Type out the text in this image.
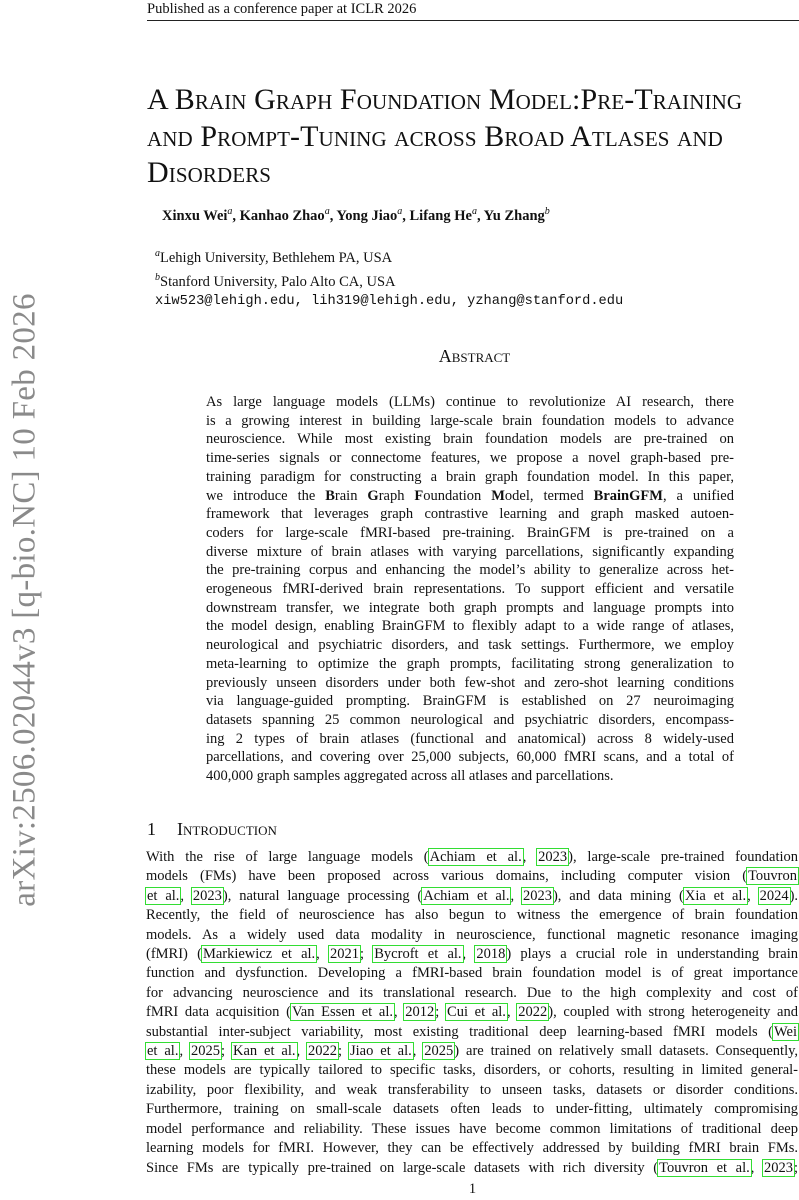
Published as a conference paper at ICLR 2026
arXiv:2506.02044v3 [q-bio.NC] 10 Feb 2026
A Brain Graph Foundation Model:Pre-Training
and Prompt-Tuning across Broad Atlases and
Disorders
Xinxu Wei$^a$, Kanhao Zhao$^a$, Yong Jiao$^a$, Lifang He$^a$, Yu Zhang$^b$
$^a$Lehigh University, Bethlehem PA, USA
$^b$Stanford University, Palo Alto CA, USA
xiw523@lehigh.edu, lih319@lehigh.edu, yzhang@stanford.edu
Abstract
As large language models (LLMs) continue to revolutionize AI research, there
is a growing interest in building large-scale brain foundation models to advance
neuroscience. While most existing brain foundation models are pre-trained on
time-series signals or connectome features, we propose a novel graph-based pre-
training paradigm for constructing a brain graph foundation model. In this paper,
we introduce the Brain Graph Foundation Model, termed BrainGFM, a unified
framework that leverages graph contrastive learning and graph masked autoen-
coders for large-scale fMRI-based pre-training. BrainGFM is pre-trained on a
diverse mixture of brain atlases with varying parcellations, significantly expanding
the pre-training corpus and enhancing the model’s ability to generalize across het-
erogeneous fMRI-derived brain representations. To support efficient and versatile
downstream transfer, we integrate both graph prompts and language prompts into
the model design, enabling BrainGFM to flexibly adapt to a wide range of atlases,
neurological and psychiatric disorders, and task settings. Furthermore, we employ
meta-learning to optimize the graph prompts, facilitating strong generalization to
previously unseen disorders under both few-shot and zero-shot learning conditions
via language-guided prompting. BrainGFM is established on 27 neuroimaging
datasets spanning 25 common neurological and psychiatric disorders, encompass-
ing 2 types of brain atlases (functional and anatomical) across 8 widely-used
parcellations, and covering over 25,000 subjects, 60,000 fMRI scans, and a total of
400,000 graph samples aggregated across all atlases and parcellations.
1 Introduction
With the rise of large language models (Achiam et al., 2023), large-scale pre-trained foundation
models (FMs) have been proposed across various domains, including computer vision (Touvron
et al., 2023), natural language processing (Achiam et al., 2023), and data mining (Xia et al., 2024).
Recently, the field of neuroscience has also begun to witness the emergence of brain foundation
models. As a widely used data modality in neuroscience, functional magnetic resonance imaging
(fMRI) (Markiewicz et al., 2021; Bycroft et al., 2018) plays a crucial role in understanding brain
function and dysfunction. Developing a fMRI-based brain foundation model is of great importance
for advancing neuroscience and its translational research. Due to the high complexity and cost of
fMRI data acquisition (Van Essen et al., 2012; Cui et al., 2022), coupled with strong heterogeneity and
substantial inter-subject variability, most existing traditional deep learning-based fMRI models (Wei
et al., 2025; Kan et al., 2022; Jiao et al., 2025) are trained on relatively small datasets. Consequently,
these models are typically tailored to specific tasks, disorders, or cohorts, resulting in limited general-
izability, poor flexibility, and weak transferability to unseen tasks, datasets or disorder conditions.
Furthermore, training on small-scale datasets often leads to under-fitting, ultimately compromising
model performance and reliability. These issues have become common limitations of traditional deep
learning models for fMRI. However, they can be effectively addressed by building fMRI brain FMs.
Since FMs are typically pre-trained on large-scale datasets with rich diversity (Touvron et al., 2023;
1
